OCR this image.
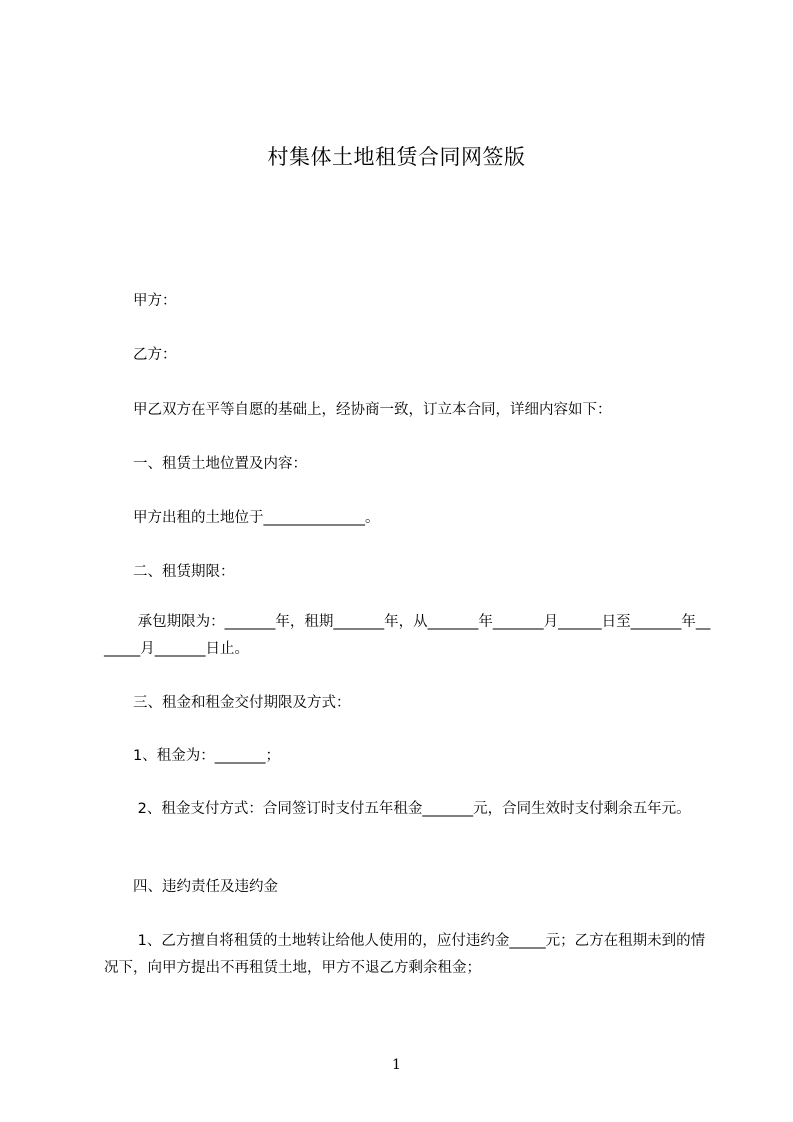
村集体土地租赁合同网签版
　　甲方：
　　乙方：
　　甲乙双方在平等自愿的基础上，经协商一致，订立本合同，详细内容如下：
　　一、租赁土地位置及内容：
　　甲方出租的土地位于______________。
　　二、租赁期限：
　　 承包期限为：_______年，租期_______年，从_______年_______月______日至_______年_______月_______日止。
　　三、租金和租金交付期限及方式：
　　1、租金为：_______；
　　 2、租金支付方式：合同签订时支付五年租金_______元，合同生效时支付剩余五年元。
　　四、违约责任及违约金
　　 1、乙方擅自将租赁的土地转让给他人使用的，应付违约金_____元；乙方在租期未到的情况下，向甲方提出不再租赁土地，甲方不退乙方剩余租金；
1
